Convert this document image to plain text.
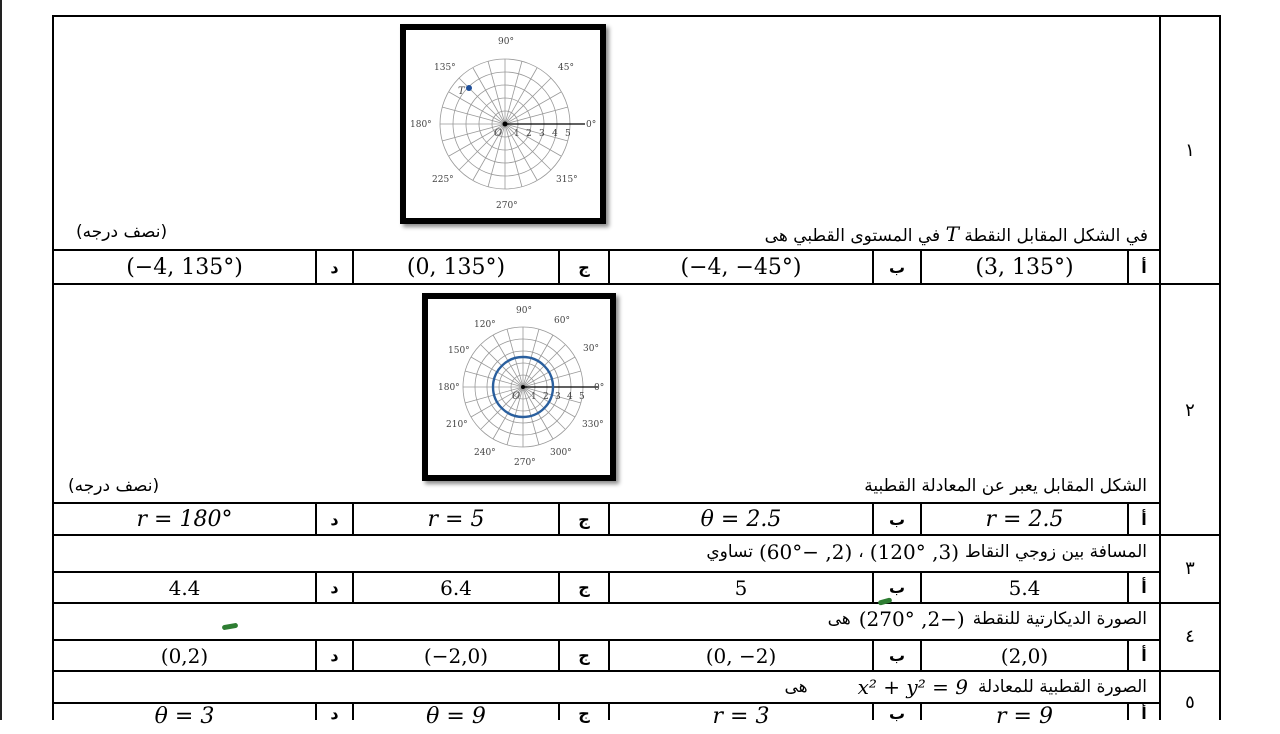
١
٢
٣
٤
٥
90°
45°
0°
315°
270°
225°
180°
135°
1 2 3 4 5
O
T
في الشكل المقابل النقطة T في المستوى القطبي هى
(نصف درجه)
أ
(3, 135°)
ب
(−4, −45°)
ج
(0, 135°)
د
(−4, 135°)
90°
60°
30°
0°
330°
300°
270°
240°
210°
180°
150°
120°
1 2 3 4 5
O
الشكل المقابل يعبر عن المعادلة القطبية
(نصف درجه)
أ
r = 2.5
ب
θ = 2.5
ج
r = 5
د
r = 180°
المسافة بين زوجي النقاط
(3, 120°)
،
(2, −60°)
تساوي
أ
5.4
ب
5
ج
6.4
د
4.4
الصورة الديكارتية للنقطة
(−2, 270°)
هى
أ
(2,0)
ب
(0, −2)
ج
(−2,0)
د
(0,2)
الصورة القطبية للمعادلة
x² + y² = 9
هى
أ
r = 9
ب
r = 3
ج
θ = 9
د
θ = 3
